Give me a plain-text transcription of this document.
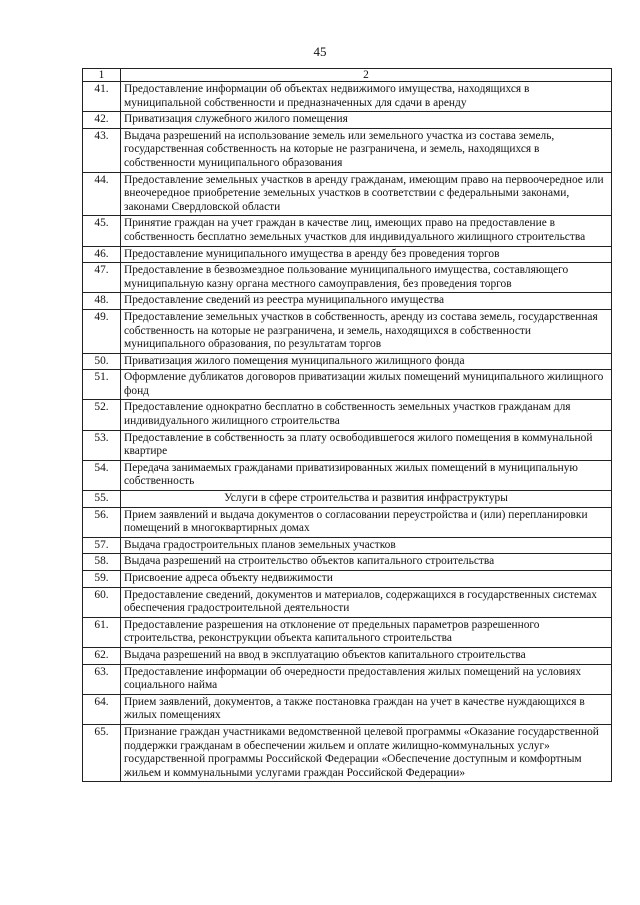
45
1	2
41.	Предоставление информации об объектах недвижимого имущества, находящихся в муниципальной собственности и предназначенных для сдачи в аренду
42.	Приватизация служебного жилого помещения
43.	Выдача разрешений на использование земель или земельного участка из состава земель, государственная собственность на которые не разграничена, и земель, находящихся в собственности муниципального образования
44.	Предоставление земельных участков в аренду гражданам, имеющим право на первоочередное или внеочередное приобретение земельных участков в соответствии с федеральными законами, законами Свердловской области
45.	Принятие граждан на учет граждан в качестве лиц, имеющих право на предоставление в собственность бесплатно земельных участков для индивидуального жилищного строительства
46.	Предоставление муниципального имущества в аренду без проведения торгов
47.	Предоставление в безвозмездное пользование муниципального имущества, составляющего муниципальную казну органа местного самоуправления, без проведения торгов
48.	Предоставление сведений из реестра муниципального имущества
49.	Предоставление земельных участков в собственность, аренду из состава земель, государственная собственность на которые не разграничена, и земель, находящихся в собственности муниципального образования, по результатам торгов
50.	Приватизация жилого помещения муниципального жилищного фонда
51.	Оформление дубликатов договоров приватизации жилых помещений муниципального жилищного фонд
52.	Предоставление однократно бесплатно в собственность земельных участков гражданам для индивидуального жилищного строительства
53.	Предоставление в собственность за плату освободившегося жилого помещения в коммунальной квартире
54.	Передача занимаемых гражданами приватизированных жилых помещений в муниципальную собственность
55.	Услуги в сфере строительства и развития инфраструктуры
56.	Прием заявлений и выдача документов о согласовании переустройства и (или) перепланировки помещений в многоквартирных домах
57.	Выдача градостроительных планов земельных участков
58.	Выдача разрешений на строительство объектов капитального строительства
59.	Присвоение адреса объекту недвижимости
60.	Предоставление сведений, документов и материалов, содержащихся в государственных системах обеспечения градостроительной деятельности
61.	Предоставление разрешения на отклонение от предельных параметров разрешенного строительства, реконструкции объекта капитального строительства
62.	Выдача разрешений на ввод в эксплуатацию объектов капитального строительства
63.	Предоставление информации об очередности предоставления жилых помещений на условиях социального найма
64.	Прием заявлений, документов, а также постановка граждан на учет в качестве нуждающихся в жилых помещениях
65.	Признание граждан участниками ведомственной целевой программы «Оказание государственной поддержки гражданам в обеспечении жильем и оплате жилищно-коммунальных услуг» государственной программы Российской Федерации «Обеспечение доступным и комфортным жильем и коммунальными услугами граждан Российской Федерации»
